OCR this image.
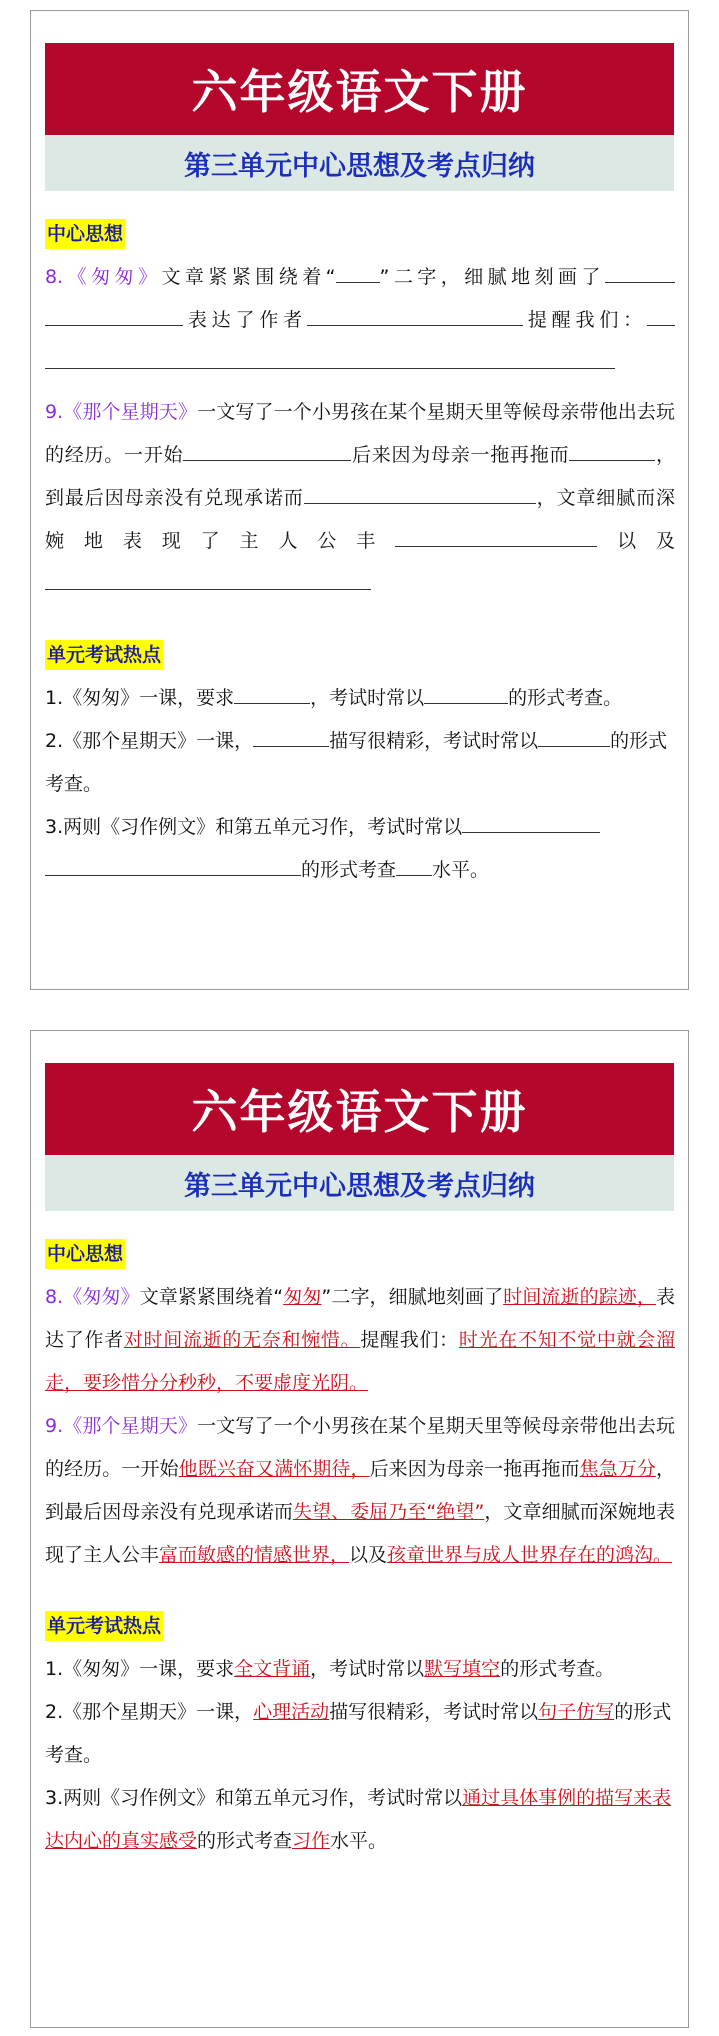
六年级语文下册
第三单元中心思想及考点归纳
中心思想

8.《匆匆》文章紧紧围绕着“ ”二字，细腻地刻画了表达了作者	提醒我们：

9.《那个星期天》一文写了一个小男孩在某个星期天里等候母亲带他出去玩的经历。一开始	后来因为母亲一拖再拖而	，到最后因母亲没有兑现承诺而	，文章细腻而深婉地表现了主人公丰	以及

单元考试热点

1.《匆匆》一课，要求	，考试时常以	的形式考查。

2.《那个星期天》一课，	描写很精彩，考试时常以	的形式考查。

3.两则《习作例文》和第五单元习作，考试时常以的形式考查 水平。

六年级语文下册
第三单元中心思想及考点归纳
中心思想

8.《匆匆》文章紧紧围绕着“匆匆”二字，细腻地刻画了时间流逝的踪迹，表达了作者对时间流逝的无奈和惋惜。提醒我们：时光在不知不觉中就会溜走，要珍惜分分秒秒，不要虚度光阴。

9.《那个星期天》一文写了一个小男孩在某个星期天里等候母亲带他出去玩的经历。一开始他既兴奋又满怀期待，后来因为母亲一拖再拖而焦急万分，到最后因母亲没有兑现承诺而失望、委屈乃至“绝望”，文章细腻而深婉地表现了主人公丰富而敏感的情感世界，以及孩童世界与成人世界存在的鸿沟。

单元考试热点

1.《匆匆》一课，要求全文背诵，考试时常以默写填空的形式考查。

2.《那个星期天》一课，心理活动描写很精彩，考试时常以句子仿写的形式考查。

3.两则《习作例文》和第五单元习作，考试时常以通过具体事例的描写来表达内心的真实感受的形式考查习作水平。
